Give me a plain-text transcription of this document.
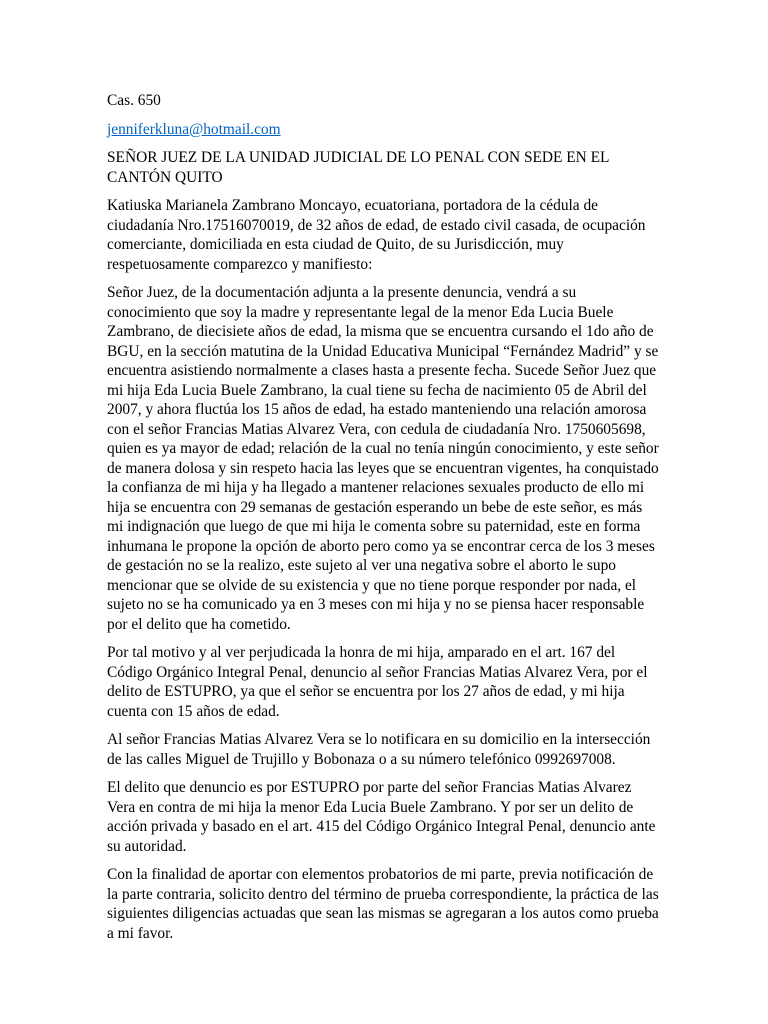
Cas. 650

jenniferkluna@hotmail.com

SEÑOR JUEZ DE LA UNIDAD JUDICIAL DE LO PENAL CON SEDE EN EL CANTÓN QUITO

Katiuska Marianela Zambrano Moncayo, ecuatoriana, portadora de la cédula de ciudadanía Nro.17516070019, de 32 años de edad, de estado civil casada, de ocupación comerciante, domiciliada en esta ciudad de Quito, de su Jurisdicción, muy respetuosamente comparezco y manifiesto:

Señor Juez, de la documentación adjunta a la presente denuncia, vendrá a su conocimiento que soy la madre y representante legal de la menor Eda Lucia Buele Zambrano, de diecisiete años de edad, la misma que se encuentra cursando el 1do año de BGU, en la sección matutina de la Unidad Educativa Municipal “Fernández Madrid” y se encuentra asistiendo normalmente a clases hasta a presente fecha. Sucede Señor Juez que mi hija Eda Lucia Buele Zambrano, la cual tiene su fecha de nacimiento 05 de Abril del 2007, y ahora fluctúa los 15 años de edad, ha estado manteniendo una relación amorosa con el señor Francias Matias Alvarez Vera, con cedula de ciudadanía Nro. 1750605698, quien es ya mayor de edad; relación de la cual no tenía ningún conocimiento, y este señor de manera dolosa y sin respeto hacia las leyes que se encuentran vigentes, ha conquistado la confianza de mi hija y ha llegado a mantener relaciones sexuales producto de ello mi hija se encuentra con 29 semanas de gestación esperando un bebe de este señor, es más mi indignación que luego de que mi hija le comenta sobre su paternidad, este en forma inhumana le propone la opción de aborto pero como ya se encontrar cerca de los 3 meses de gestación no se la realizo, este sujeto al ver una negativa sobre el aborto le supo mencionar que se olvide de su existencia y que no tiene porque responder por nada, el sujeto no se ha comunicado ya en 3 meses con mi hija y no se piensa hacer responsable por el delito que ha cometido.

Por tal motivo y al ver perjudicada la honra de mi hija, amparado en el art. 167 del Código Orgánico Integral Penal, denuncio al señor Francias Matias Alvarez Vera, por el delito de ESTUPRO, ya que el señor se encuentra por los 27 años de edad, y mi hija cuenta con 15 años de edad.

Al señor Francias Matias Alvarez Vera se lo notificara en su domicilio en la intersección de las calles Miguel de Trujillo y Bobonaza o a su número telefónico 0992697008.

El delito que denuncio es por ESTUPRO por parte del señor Francias Matias Alvarez Vera en contra de mi hija la menor Eda Lucia Buele Zambrano. Y por ser un delito de acción privada y basado en el art. 415 del Código Orgánico Integral Penal, denuncio ante su autoridad.

Con la finalidad de aportar con elementos probatorios de mi parte, previa notificación de la parte contraria, solicito dentro del término de prueba correspondiente, la práctica de las siguientes diligencias actuadas que sean las mismas se agregaran a los autos como prueba a mi favor.
